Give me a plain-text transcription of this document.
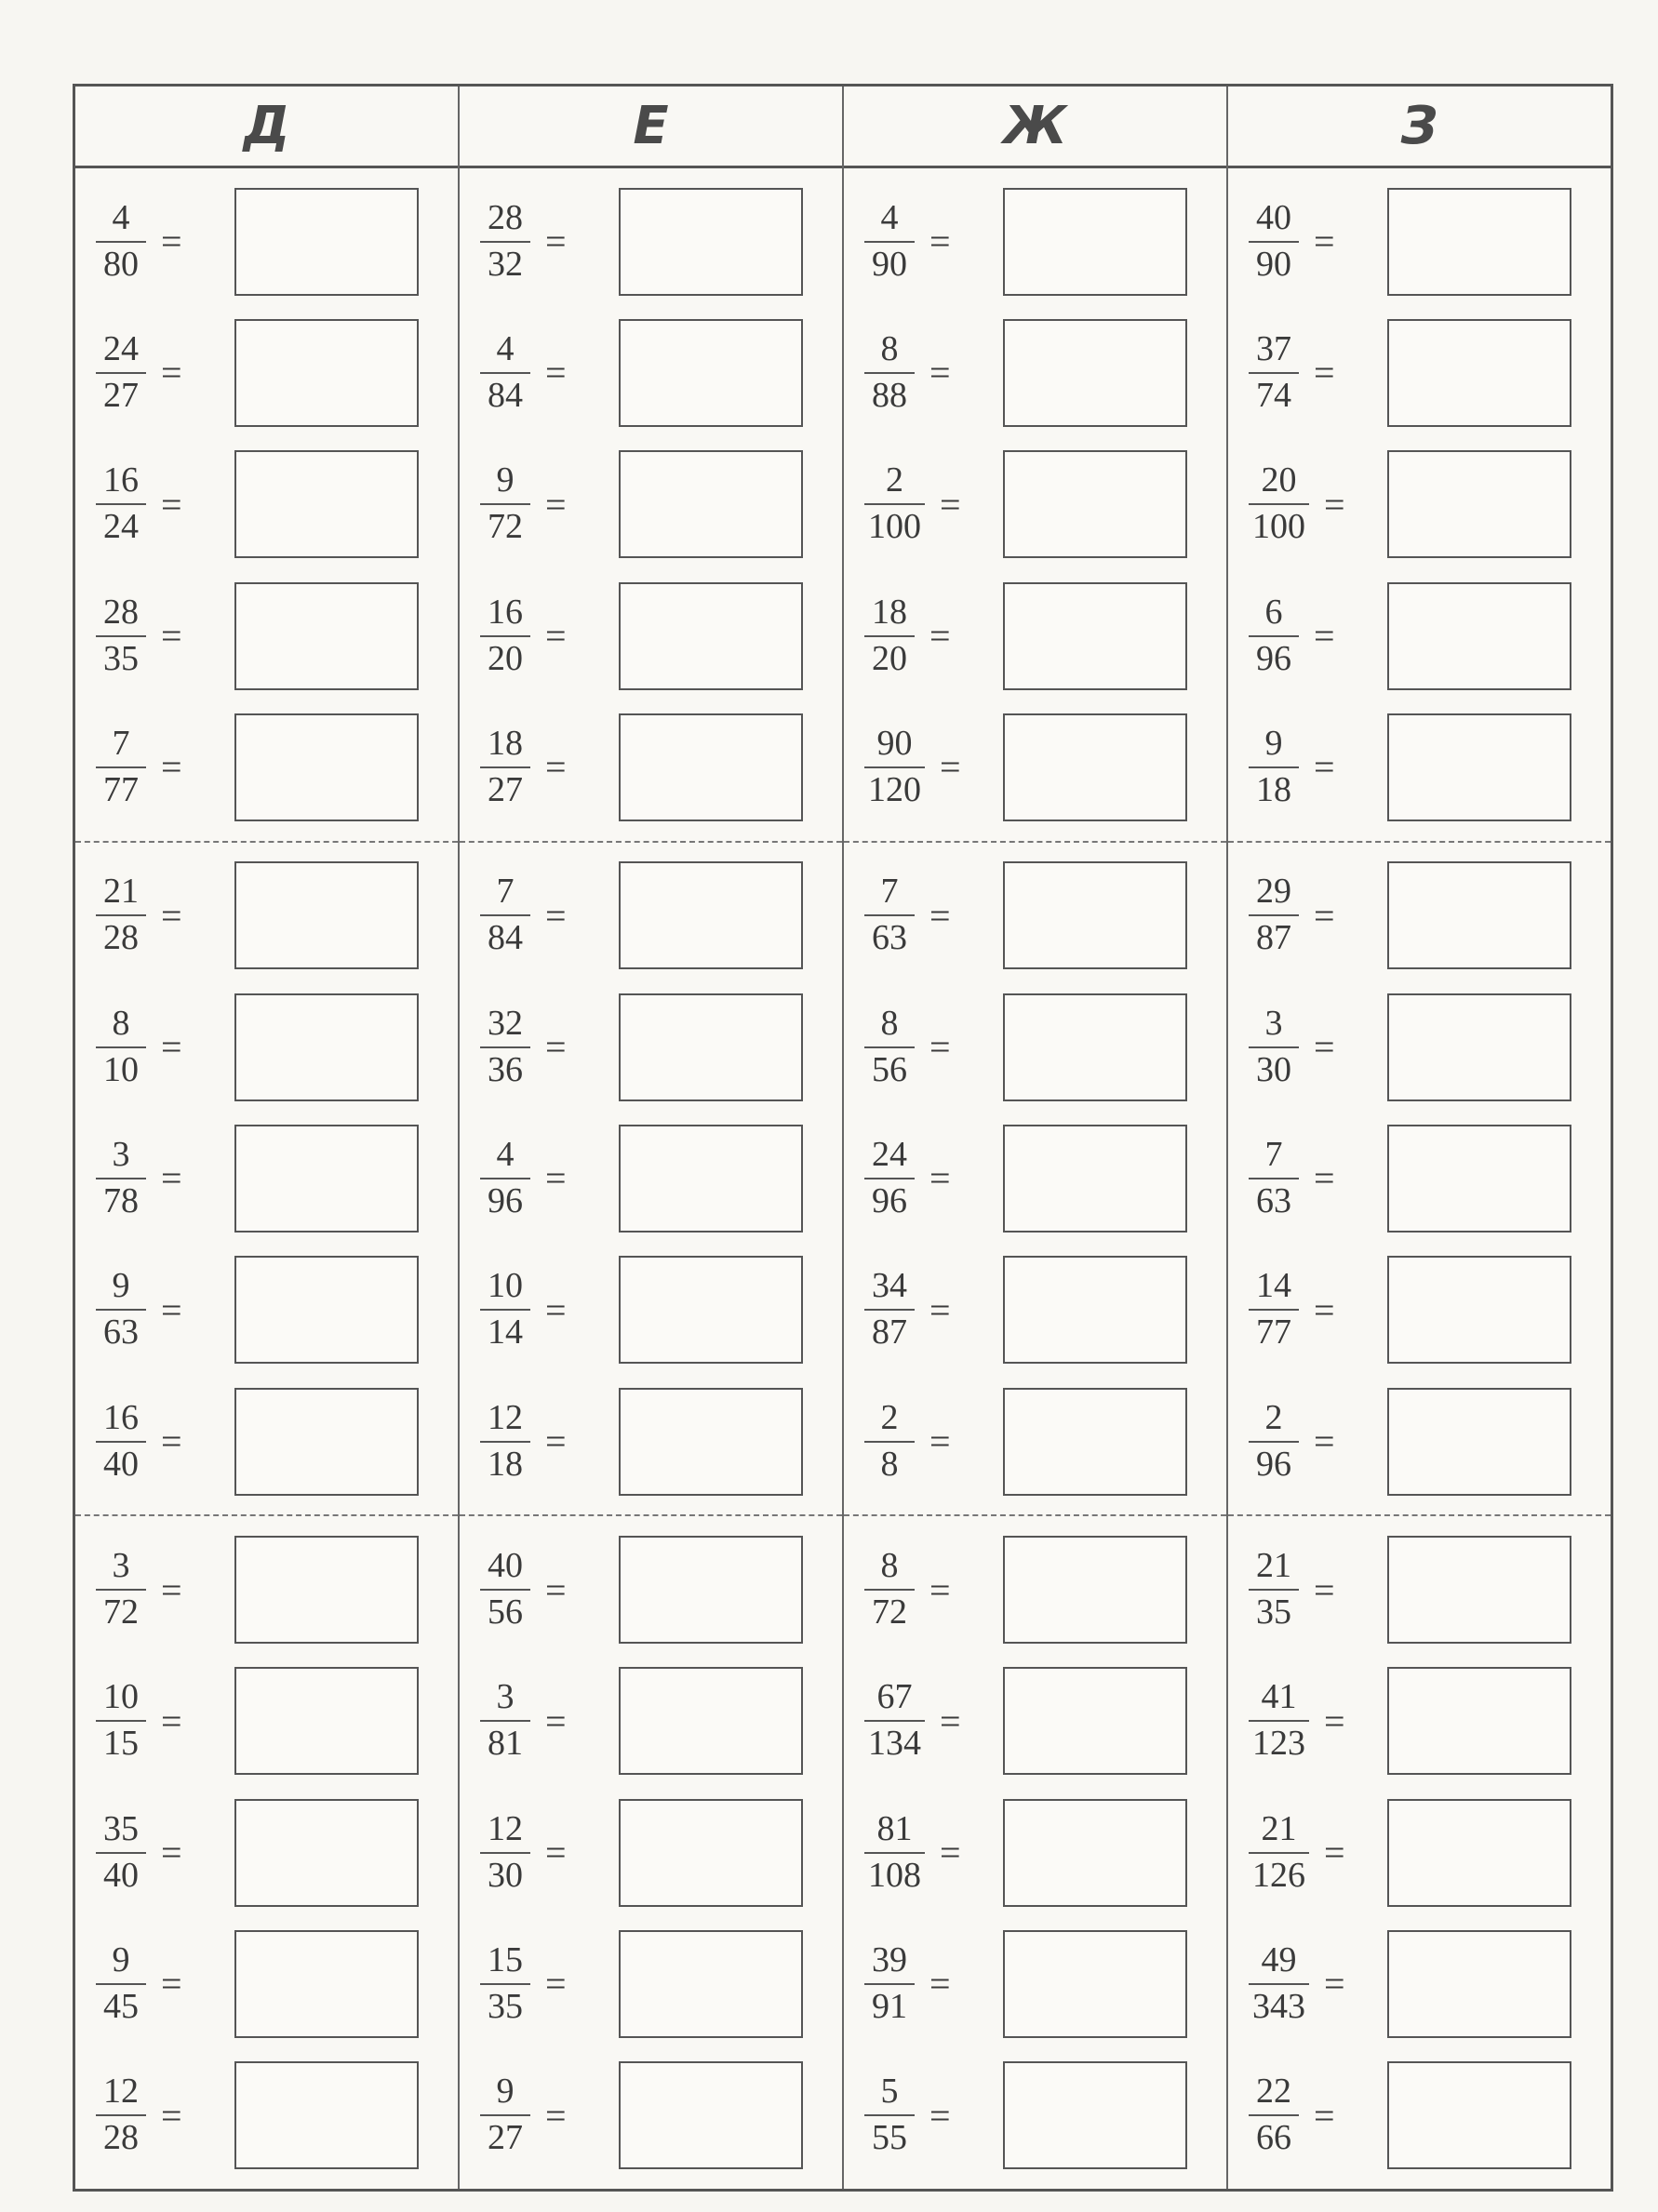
Д
$\frac{4}{80}$ =
$\frac{24}{27}$ =
$\frac{16}{24}$ =
$\frac{28}{35}$ =
$\frac{7}{77}$ =
$\frac{21}{28}$ =
$\frac{8}{10}$ =
$\frac{3}{78}$ =
$\frac{9}{63}$ =
$\frac{16}{40}$ =
$\frac{3}{72}$ =
$\frac{10}{15}$ =
$\frac{35}{40}$ =
$\frac{9}{45}$ =
$\frac{12}{28}$ =
Е
$\frac{28}{32}$ =
$\frac{4}{84}$ =
$\frac{9}{72}$ =
$\frac{16}{20}$ =
$\frac{18}{27}$ =
$\frac{7}{84}$ =
$\frac{32}{36}$ =
$\frac{4}{96}$ =
$\frac{10}{14}$ =
$\frac{12}{18}$ =
$\frac{40}{56}$ =
$\frac{3}{81}$ =
$\frac{12}{30}$ =
$\frac{15}{35}$ =
$\frac{9}{27}$ =
Ж
$\frac{4}{90}$ =
$\frac{8}{88}$ =
$\frac{2}{100}$ =
$\frac{18}{20}$ =
$\frac{90}{120}$ =
$\frac{7}{63}$ =
$\frac{8}{56}$ =
$\frac{24}{96}$ =
$\frac{34}{87}$ =
$\frac{2}{8}$ =
$\frac{8}{72}$ =
$\frac{67}{134}$ =
$\frac{81}{108}$ =
$\frac{39}{91}$ =
$\frac{5}{55}$ =
З
$\frac{40}{90}$ =
$\frac{37}{74}$ =
$\frac{20}{100}$ =
$\frac{6}{96}$ =
$\frac{9}{18}$ =
$\frac{29}{87}$ =
$\frac{3}{30}$ =
$\frac{7}{63}$ =
$\frac{14}{77}$ =
$\frac{2}{96}$ =
$\frac{21}{35}$ =
$\frac{41}{123}$ =
$\frac{21}{126}$ =
$\frac{49}{343}$ =
$\frac{22}{66}$ =
